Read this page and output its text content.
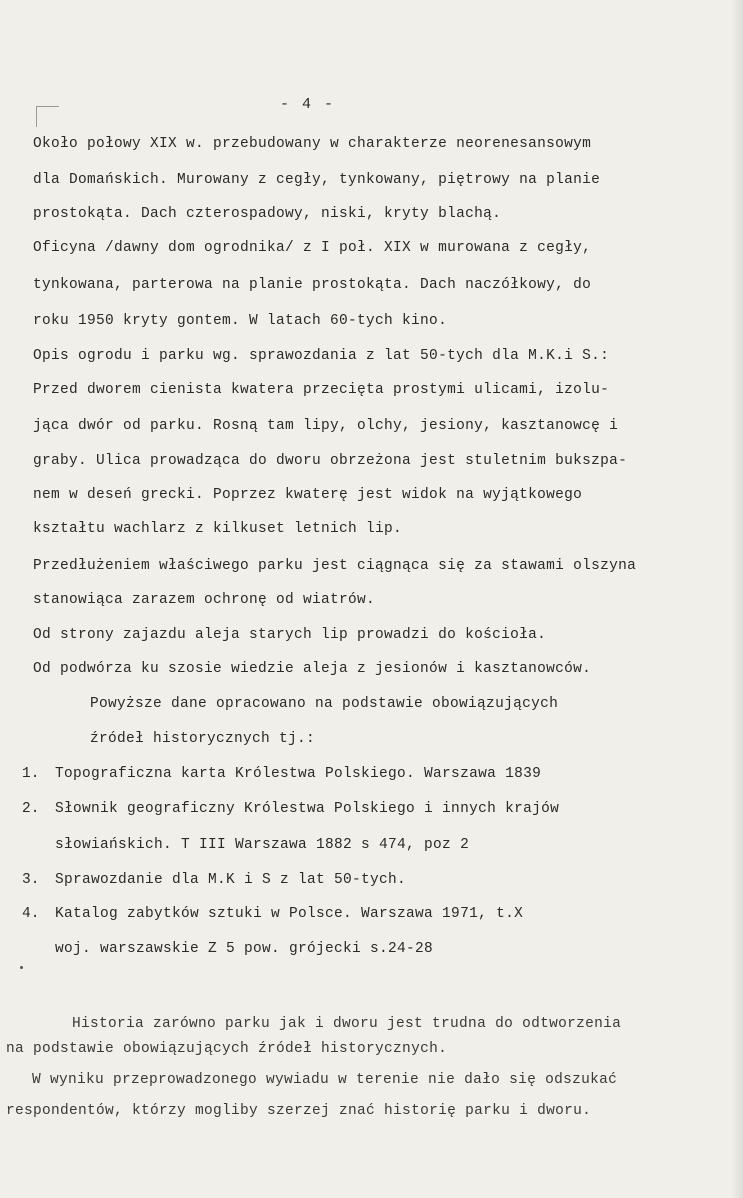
- 4 -
Około połowy XIX w. przebudowany w charakterze neorenesansowym
dla Domańskich. Murowany z cegły, tynkowany, piętrowy na planie
prostokąta. Dach czterospadowy, niski, kryty blachą.
Oficyna /dawny dom ogrodnika/ z I poł. XIX w murowana z cegły,
tynkowana, parterowa na planie prostokąta. Dach naczółkowy, do
roku 1950 kryty gontem. W latach 60-tych kino.
Opis ogrodu i parku wg. sprawozdania z lat 50-tych dla M.K.i S.:
Przed dworem cienista kwatera przecięta prostymi ulicami, izolu-
jąca dwór od parku. Rosną tam lipy, olchy, jesiony, kasztanowcę i
graby. Ulica prowadząca do dworu obrzeżona jest stuletnim bukszpa-
nem w deseń grecki. Poprzez kwaterę jest widok na wyjątkowego
kształtu wachlarz z kilkuset letnich lip.
Przedłużeniem właściwego parku jest ciągnąca się za stawami olszyna
stanowiąca zarazem ochronę od wiatrów.
Od strony zajazdu aleja starych lip prowadzi do kościoła.
Od podwórza ku szosie wiedzie aleja z jesionów i kasztanowców.
Powyższe dane opracowano na podstawie obowiązujących
źródeł historycznych tj.:
1. Topograficzna karta Królestwa Polskiego. Warszawa 1839
2. Słownik geograficzny Królestwa Polskiego i innych krajów
słowiańskich. T III Warszawa 1882 s 474, poz 2
3. Sprawozdanie dla M.K i S z lat 50-tych.
4. Katalog zabytków sztuki w Polsce. Warszawa 1971, t.X
woj. warszawskie Z 5 pow. grójecki s.24-28
Historia zarówno parku jak i dworu jest trudna do odtworzenia
na podstawie obowiązujących źródeł historycznych.
W wyniku przeprowadzonego wywiadu w terenie nie dało się odszukać
respondentów, którzy mogliby szerzej znać historię parku i dworu.
